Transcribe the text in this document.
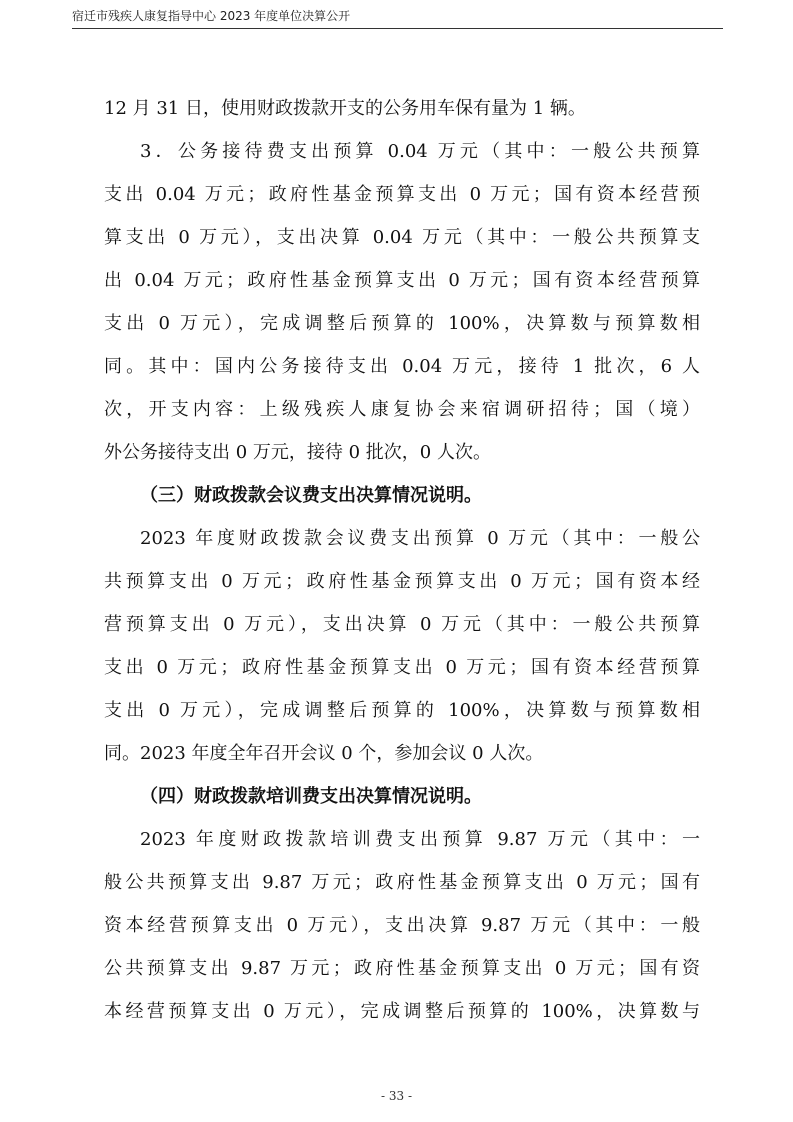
宿迁市残疾人康复指导中心 2023 年度单位决算公开
12 月 31 日，使用财政拨款开支的公务用车保有量为 1 辆。
3．公务接待费支出预算 0.04 万元（其中：一般公共预算
支出 0.04 万元；政府性基金预算支出 0 万元；国有资本经营预
算支出 0 万元），支出决算 0.04 万元（其中：一般公共预算支
出 0.04 万元；政府性基金预算支出 0 万元；国有资本经营预算
支出 0 万元），完成调整后预算的 100%，决算数与预算数相
同。其中：国内公务接待支出 0.04 万元，接待 1 批次，6 人
次，开支内容：上级残疾人康复协会来宿调研招待；国（境）
外公务接待支出 0 万元，接待 0 批次，0 人次。
（三）财政拨款会议费支出决算情况说明。
2023 年度财政拨款会议费支出预算 0 万元（其中：一般公
共预算支出 0 万元；政府性基金预算支出 0 万元；国有资本经
营预算支出 0 万元），支出决算 0 万元（其中：一般公共预算
支出 0 万元；政府性基金预算支出 0 万元；国有资本经营预算
支出 0 万元），完成调整后预算的 100%，决算数与预算数相
同。2023 年度全年召开会议 0 个，参加会议 0 人次。
（四）财政拨款培训费支出决算情况说明。
2023 年度财政拨款培训费支出预算 9.87 万元（其中：一
般公共预算支出 9.87 万元；政府性基金预算支出 0 万元；国有
资本经营预算支出 0 万元），支出决算 9.87 万元（其中：一般
公共预算支出 9.87 万元；政府性基金预算支出 0 万元；国有资
本经营预算支出 0 万元），完成调整后预算的 100%，决算数与
- 33 -
